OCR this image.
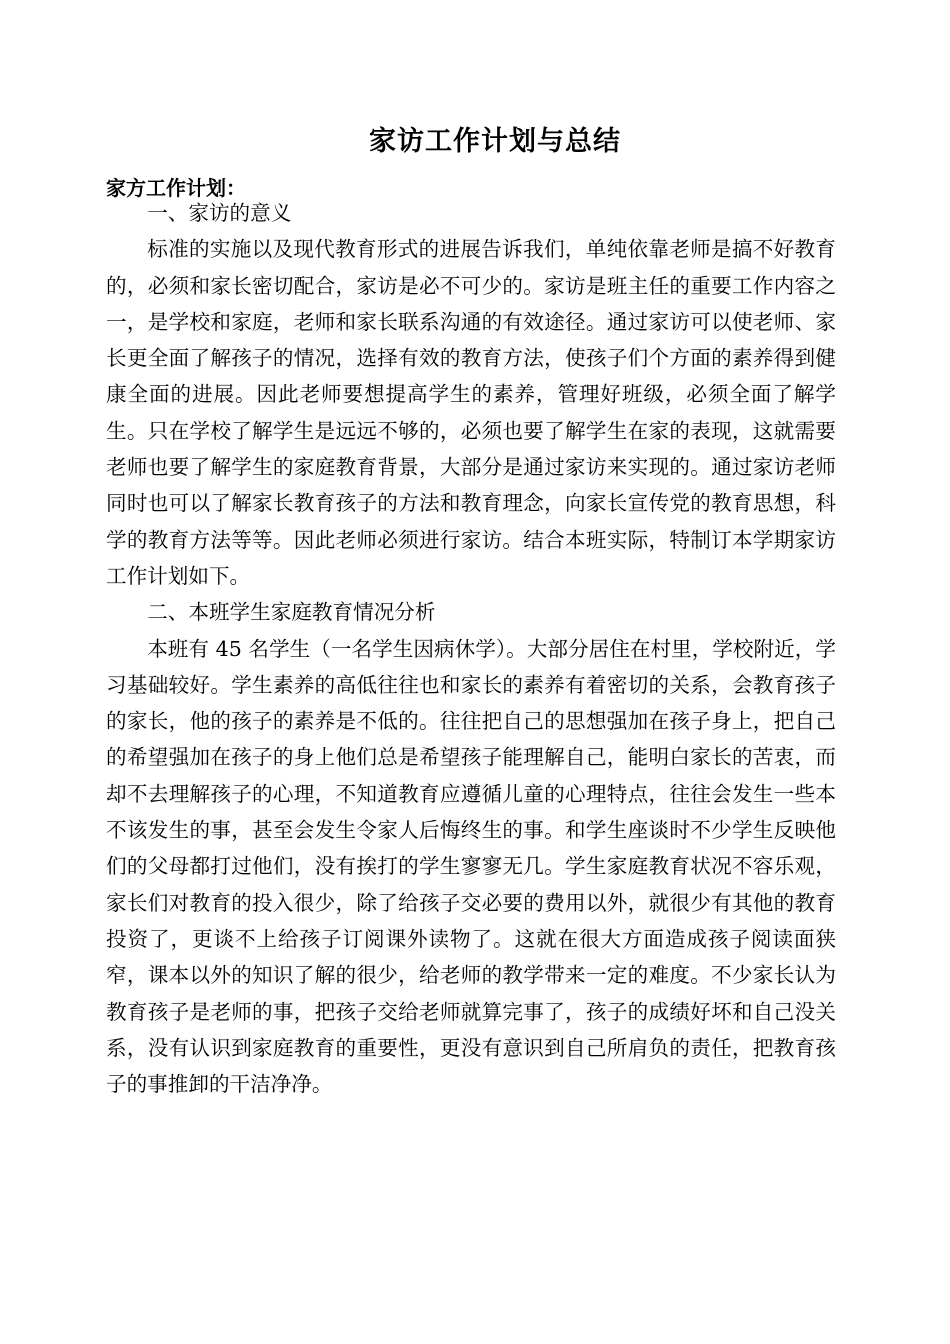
家访工作计划与总结
家方工作计划：

一、家访的意义

标准的实施以及现代教育形式的进展告诉我们，单纯依靠老师是搞不好教育的，必须和家长密切配合，家访是必不可少的。家访是班主任的重要工作内容之一，是学校和家庭，老师和家长联系沟通的有效途径。通过家访可以使老师、家长更全面了解孩子的情况，选择有效的教育方法，使孩子们个方面的素养得到健康全面的进展。因此老师要想提高学生的素养，管理好班级，必须全面了解学生。只在学校了解学生是远远不够的，必须也要了解学生在家的表现，这就需要老师也要了解学生的家庭教育背景，大部分是通过家访来实现的。通过家访老师同时也可以了解家长教育孩子的方法和教育理念，向家长宣传党的教育思想，科学的教育方法等等。因此老师必须进行家访。结合本班实际，特制订本学期家访工作计划如下。

二、本班学生家庭教育情况分析

本班有 45 名学生（一名学生因病休学）。大部分居住在村里，学校附近，学习基础较好。学生素养的高低往往也和家长的素养有着密切的关系，会教育孩子的家长，他的孩子的素养是不低的。往往把自己的思想强加在孩子身上，把自己的希望强加在孩子的身上他们总是希望孩子能理解自己，能明白家长的苦衷，而却不去理解孩子的心理，不知道教育应遵循儿童的心理特点，往往会发生一些本不该发生的事，甚至会发生令家人后悔终生的事。和学生座谈时不少学生反映他们的父母都打过他们，没有挨打的学生寥寥无几。学生家庭教育状况不容乐观，家长们对教育的投入很少，除了给孩子交必要的费用以外，就很少有其他的教育投资了，更谈不上给孩子订阅课外读物了。这就在很大方面造成孩子阅读面狭窄，课本以外的知识了解的很少，给老师的教学带来一定的难度。不少家长认为教育孩子是老师的事，把孩子交给老师就算完事了，孩子的成绩好坏和自己没关系，没有认识到家庭教育的重要性，更没有意识到自己所肩负的责任，把教育孩子的事推卸的干洁净净。
